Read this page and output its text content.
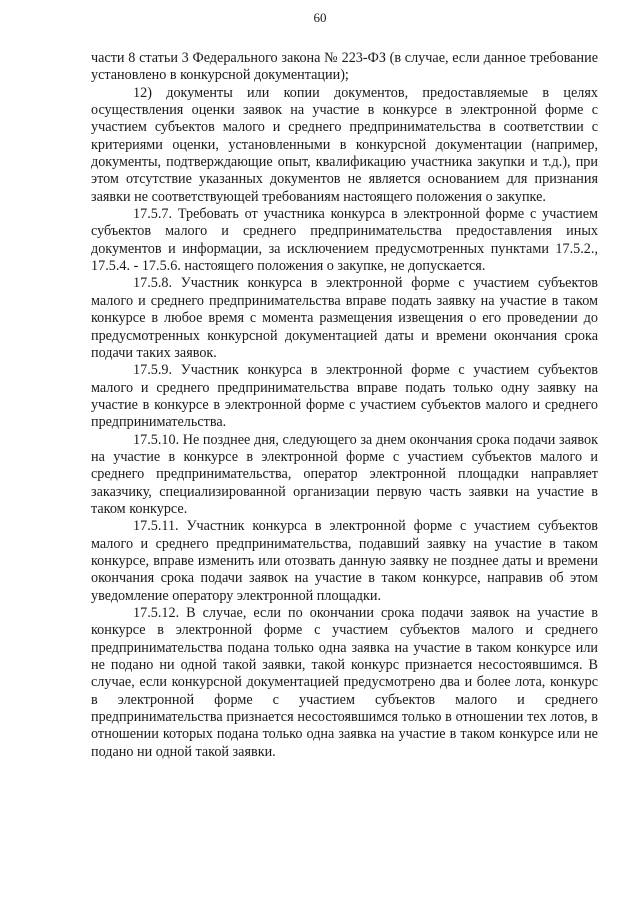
60

части 8 статьи 3 Федерального закона № 223-ФЗ (в случае, если данное требование установлено в конкурсной документации);

12) документы или копии документов, предоставляемые в целях осуществления оценки заявок на участие в конкурсе в электронной форме с участием субъектов малого и среднего предпринимательства в соответствии с критериями оценки, установленными в конкурсной документации (например, документы, подтверждающие опыт, квалификацию участника закупки и т.д.), при этом отсутствие указанных документов не является основанием для признания заявки не соответствующей требованиям настоящего положения о закупке.

17.5.7. Требовать от участника конкурса в электронной форме с участием субъектов малого и среднего предпринимательства предоставления иных документов и информации, за исключением предусмотренных пунктами 17.5.2., 17.5.4. - 17.5.6. настоящего положения о закупке, не допускается.

17.5.8. Участник конкурса в электронной форме с участием субъектов малого и среднего предпринимательства вправе подать заявку на участие в таком конкурсе в любое время с момента размещения извещения о его проведении до предусмотренных конкурсной документацией даты и времени окончания срока подачи таких заявок.

17.5.9. Участник конкурса в электронной форме с участием субъектов малого и среднего предпринимательства вправе подать только одну заявку на участие в конкурсе в электронной форме с участием субъектов малого и среднего предпринимательства.

17.5.10. Не позднее дня, следующего за днем окончания срока подачи заявок на участие в конкурсе в электронной форме с участием субъектов малого и среднего предпринимательства, оператор электронной площадки направляет заказчику, специализированной организации первую часть заявки на участие в таком конкурсе.

17.5.11. Участник конкурса в электронной форме с участием субъектов малого и среднего предпринимательства, подавший заявку на участие в таком конкурсе, вправе изменить или отозвать данную заявку не позднее даты и времени окончания срока подачи заявок на участие в таком конкурсе, направив об этом уведомление оператору электронной площадки.

17.5.12. В случае, если по окончании срока подачи заявок на участие в конкурсе в электронной форме с участием субъектов малого и среднего предпринимательства подана только одна заявка на участие в таком конкурсе или не подано ни одной такой заявки, такой конкурс признается несостоявшимся. В случае, если конкурсной документацией предусмотрено два и более лота, конкурс в электронной форме с участием субъектов малого и среднего предпринимательства признается несостоявшимся только в отношении тех лотов, в отношении которых подана только одна заявка на участие в таком конкурсе или не подано ни одной такой заявки.
